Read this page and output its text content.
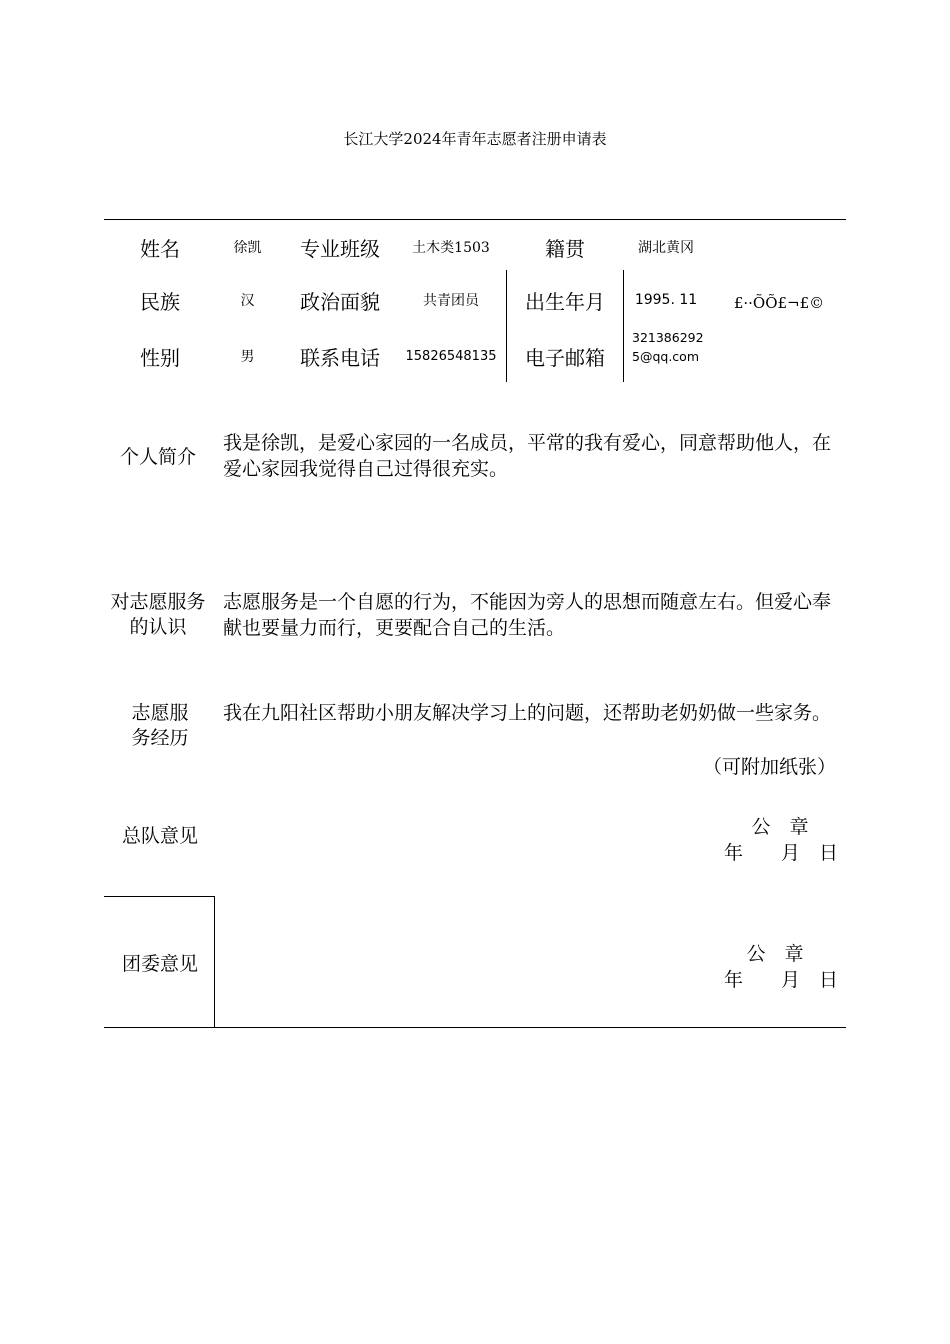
长江大学2024年青年志愿者注册申请表
姓名	徐凯	专业班级	土木类1503	籍贯	湖北黄冈
民族	汉	政治面貌	共青团员	出生年月	1995. 11	£··ÕÕ£¬£©
性别	男	联系电话	15826548135	电子邮箱
3213862925@qq.com
个人简介
我是徐凯，是爱心家园的一名成员，平常的我有爱心，同意帮助他人，在爱心家园我觉得自己过得很充实。
对志愿服务的认识
志愿服务是一个自愿的行为，不能因为旁人的思想而随意左右。但爱心奉献也要量力而行，更要配合自己的生活。
志愿服务经历
我在九阳社区帮助小朋友解决学习上的问题，还帮助老奶奶做一些家务。
（可附加纸张）
总队意见	公　章
年　　月　日
团委意见	公　章
年　　月　日
